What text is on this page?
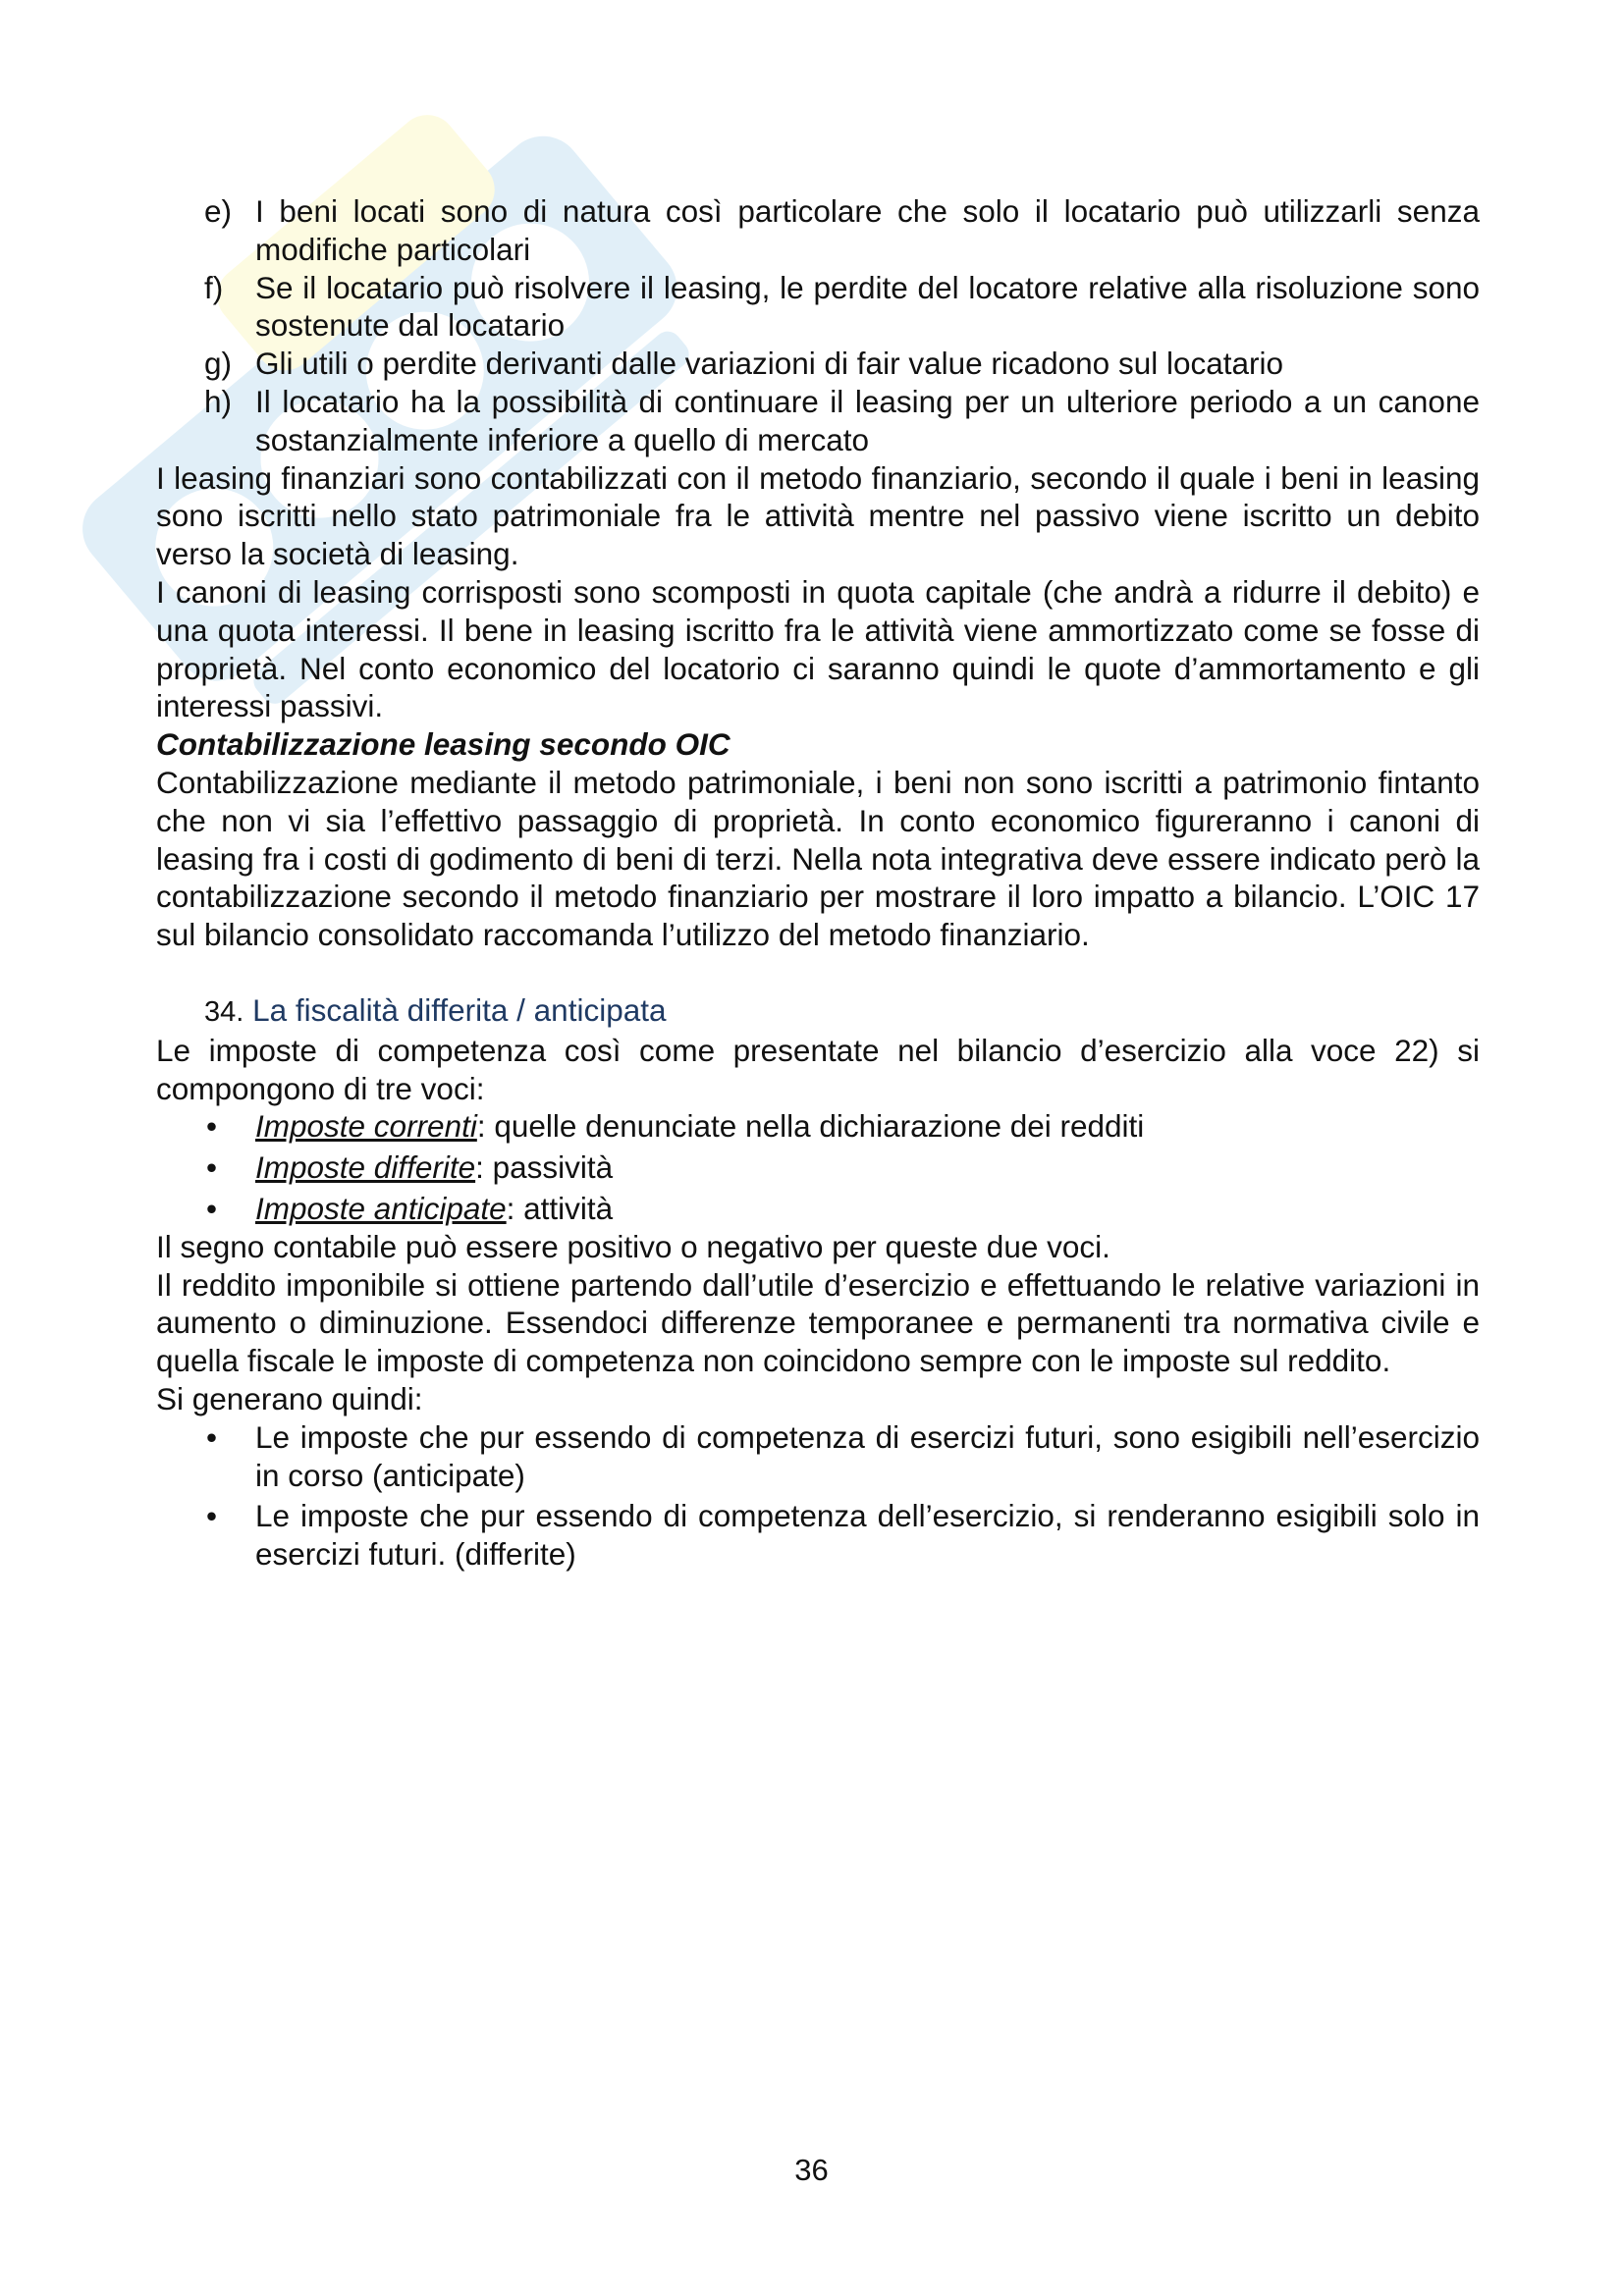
e) I beni locati sono di natura così particolare che solo il locatario può utilizzarli senza modifiche particolari
f) Se il locatario può risolvere il leasing, le perdite del locatore relative alla risoluzione sono sostenute dal locatario
g) Gli utili o perdite derivanti dalle variazioni di fair value ricadono sul locatario
h) Il locatario ha la possibilità di continuare il leasing per un ulteriore periodo a un canone sostanzialmente inferiore a quello di mercato

I leasing finanziari sono contabilizzati con il metodo finanziario, secondo il quale i beni in leasing sono iscritti nello stato patrimoniale fra le attività mentre nel passivo viene iscritto un debito verso la società di leasing.

I canoni di leasing corrisposti sono scomposti in quota capitale (che andrà a ridurre il debito) e una quota interessi. Il bene in leasing iscritto fra le attività viene ammortizzato come se fosse di proprietà. Nel conto economico del locatorio ci saranno quindi le quote d’ammortamento e gli interessi passivi.

Contabilizzazione leasing secondo OIC

Contabilizzazione mediante il metodo patrimoniale, i beni non sono iscritti a patrimonio fintanto che non vi sia l’effettivo passaggio di proprietà. In conto economico figureranno i canoni di leasing fra i costi di godimento di beni di terzi. Nella nota integrativa deve essere indicato però la contabilizzazione secondo il metodo finanziario per mostrare il loro impatto a bilancio. L’OIC 17 sul bilancio consolidato raccomanda l’utilizzo del metodo finanziario.

34. La fiscalità differita / anticipata

Le imposte di competenza così come presentate nel bilancio d’esercizio alla voce 22) si compongono di tre voci:

• Imposte correnti: quelle denunciate nella dichiarazione dei redditi
• Imposte differite: passività
• Imposte anticipate: attività

Il segno contabile può essere positivo o negativo per queste due voci.

Il reddito imponibile si ottiene partendo dall’utile d’esercizio e effettuando le relative variazioni in aumento o diminuzione. Essendoci differenze temporanee e permanenti tra normativa civile e quella fiscale le imposte di competenza non coincidono sempre con le imposte sul reddito.

Si generano quindi:

• Le imposte che pur essendo di competenza di esercizi futuri, sono esigibili nell’esercizio in corso (anticipate)
• Le imposte che pur essendo di competenza dell’esercizio, si renderanno esigibili solo in esercizi futuri. (differite)
36
